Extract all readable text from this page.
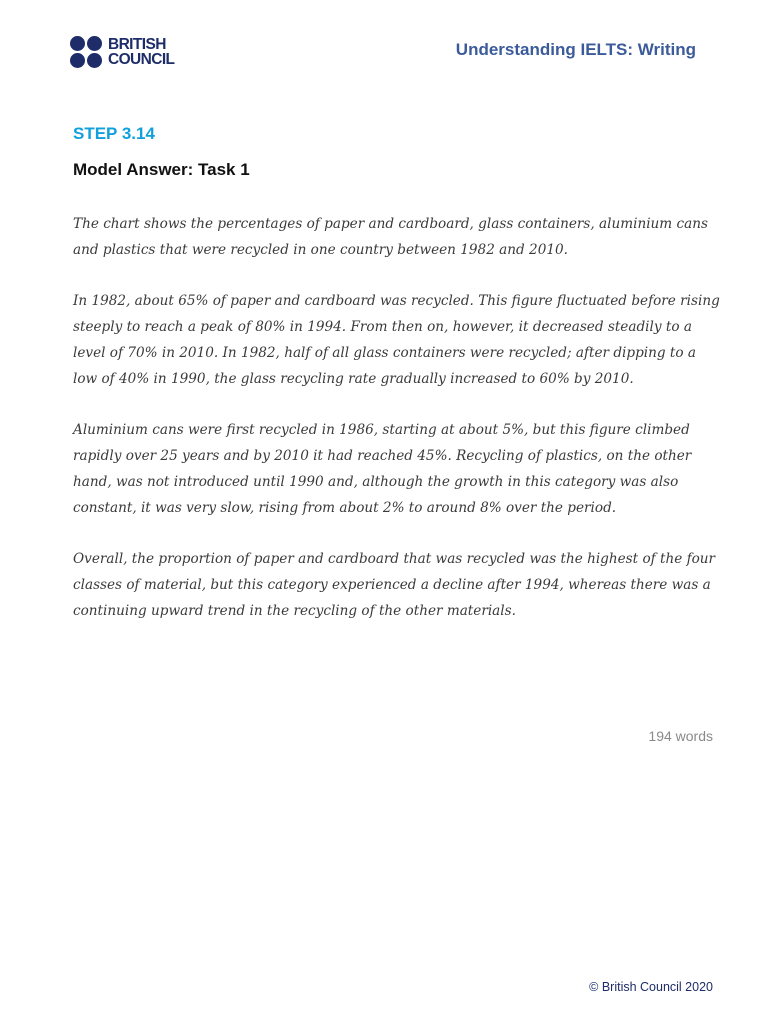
BRITISH
COUNCIL
Understanding IELTS: Writing
STEP 3.14
Model Answer: Task 1

The chart shows the percentages of paper and cardboard, glass containers, aluminium cans and plastics that were recycled in one country between 1982 and 2010.

In 1982, about 65% of paper and cardboard was recycled. This figure fluctuated before rising steeply to reach a peak of 80% in 1994. From then on, however, it decreased steadily to a level of 70% in 2010. In 1982, half of all glass containers were recycled; after dipping to a low of 40% in 1990, the glass recycling rate gradually increased to 60% by 2010.

Aluminium cans were first recycled in 1986, starting at about 5%, but this figure climbed rapidly over 25 years and by 2010 it had reached 45%. Recycling of plastics, on the other hand, was not introduced until 1990 and, although the growth in this category was also constant, it was very slow, rising from about 2% to around 8% over the period.

Overall, the proportion of paper and cardboard that was recycled was the highest of the four classes of material, but this category experienced a decline after 1994, whereas there was a continuing upward trend in the recycling of the other materials.

194 words
© British Council 2020
